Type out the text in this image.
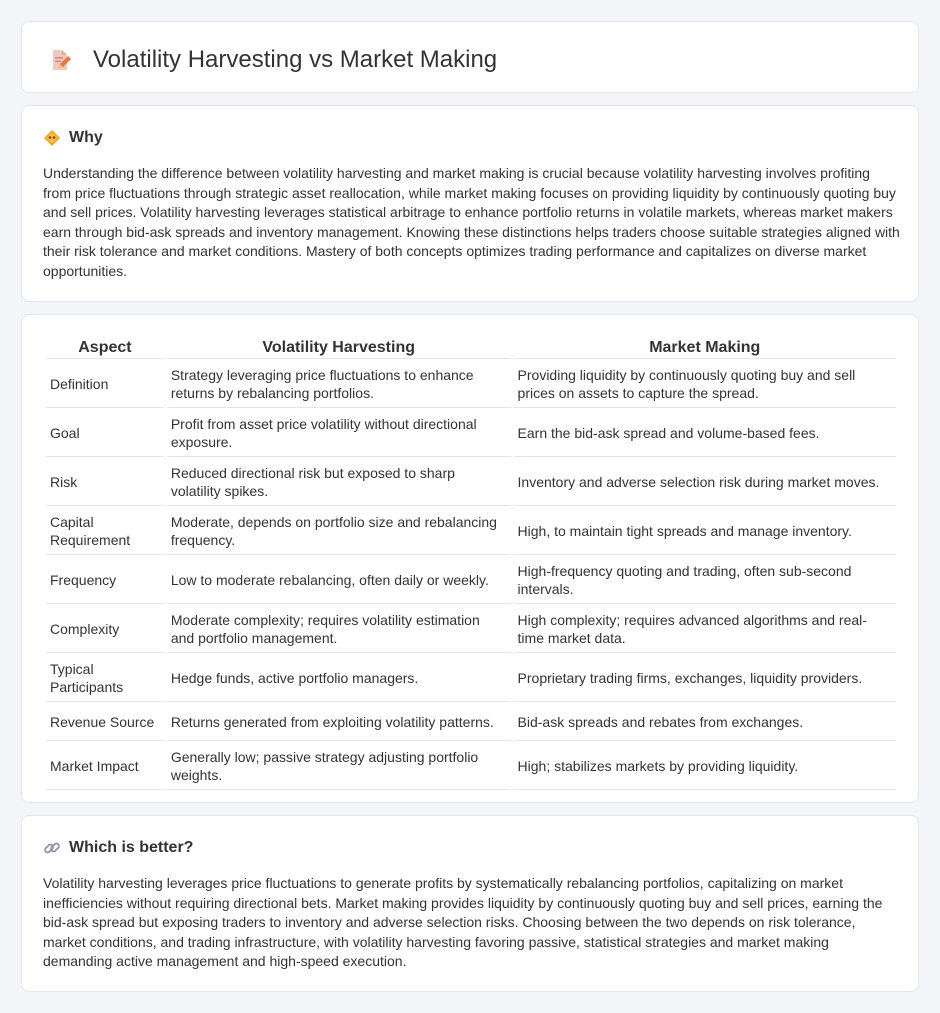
Volatility Harvesting vs Market Making
Why

Understanding the difference between volatility harvesting and market making is crucial because volatility harvesting involves profiting from price fluctuations through strategic asset reallocation, while market making focuses on providing liquidity by continuously quoting buy and sell prices. Volatility harvesting leverages statistical arbitrage to enhance portfolio returns in volatile markets, whereas market makers earn through bid-ask spreads and inventory management. Knowing these distinctions helps traders choose suitable strategies aligned with their risk tolerance and market conditions. Mastery of both concepts optimizes trading performance and capitalizes on diverse market opportunities.

Aspect	Volatility Harvesting	Market Making
Definition	Strategy leveraging price fluctuations to enhance returns by rebalancing portfolios.	Providing liquidity by continuously quoting buy and sell prices on assets to capture the spread.
Goal	Profit from asset price volatility without directional exposure.	Earn the bid-ask spread and volume-based fees.
Risk	Reduced directional risk but exposed to sharp volatility spikes.	Inventory and adverse selection risk during market moves.
Capital Requirement	Moderate, depends on portfolio size and rebalancing frequency.	High, to maintain tight spreads and manage inventory.
Frequency	Low to moderate rebalancing, often daily or weekly.	High-frequency quoting and trading, often sub-second intervals.
Complexity	Moderate complexity; requires volatility estimation and portfolio management.	High complexity; requires advanced algorithms and real-time market data.
Typical Participants	Hedge funds, active portfolio managers.	Proprietary trading firms, exchanges, liquidity providers.
Revenue Source	Returns generated from exploiting volatility patterns.	Bid-ask spreads and rebates from exchanges.
Market Impact	Generally low; passive strategy adjusting portfolio weights.	High; stabilizes markets by providing liquidity.
Which is better?

Volatility harvesting leverages price fluctuations to generate profits by systematically rebalancing portfolios, capitalizing on market inefficiencies without requiring directional bets. Market making provides liquidity by continuously quoting buy and sell prices, earning the bid-ask spread but exposing traders to inventory and adverse selection risks. Choosing between the two depends on risk tolerance, market conditions, and trading infrastructure, with volatility harvesting favoring passive, statistical strategies and market making demanding active management and high-speed execution.
